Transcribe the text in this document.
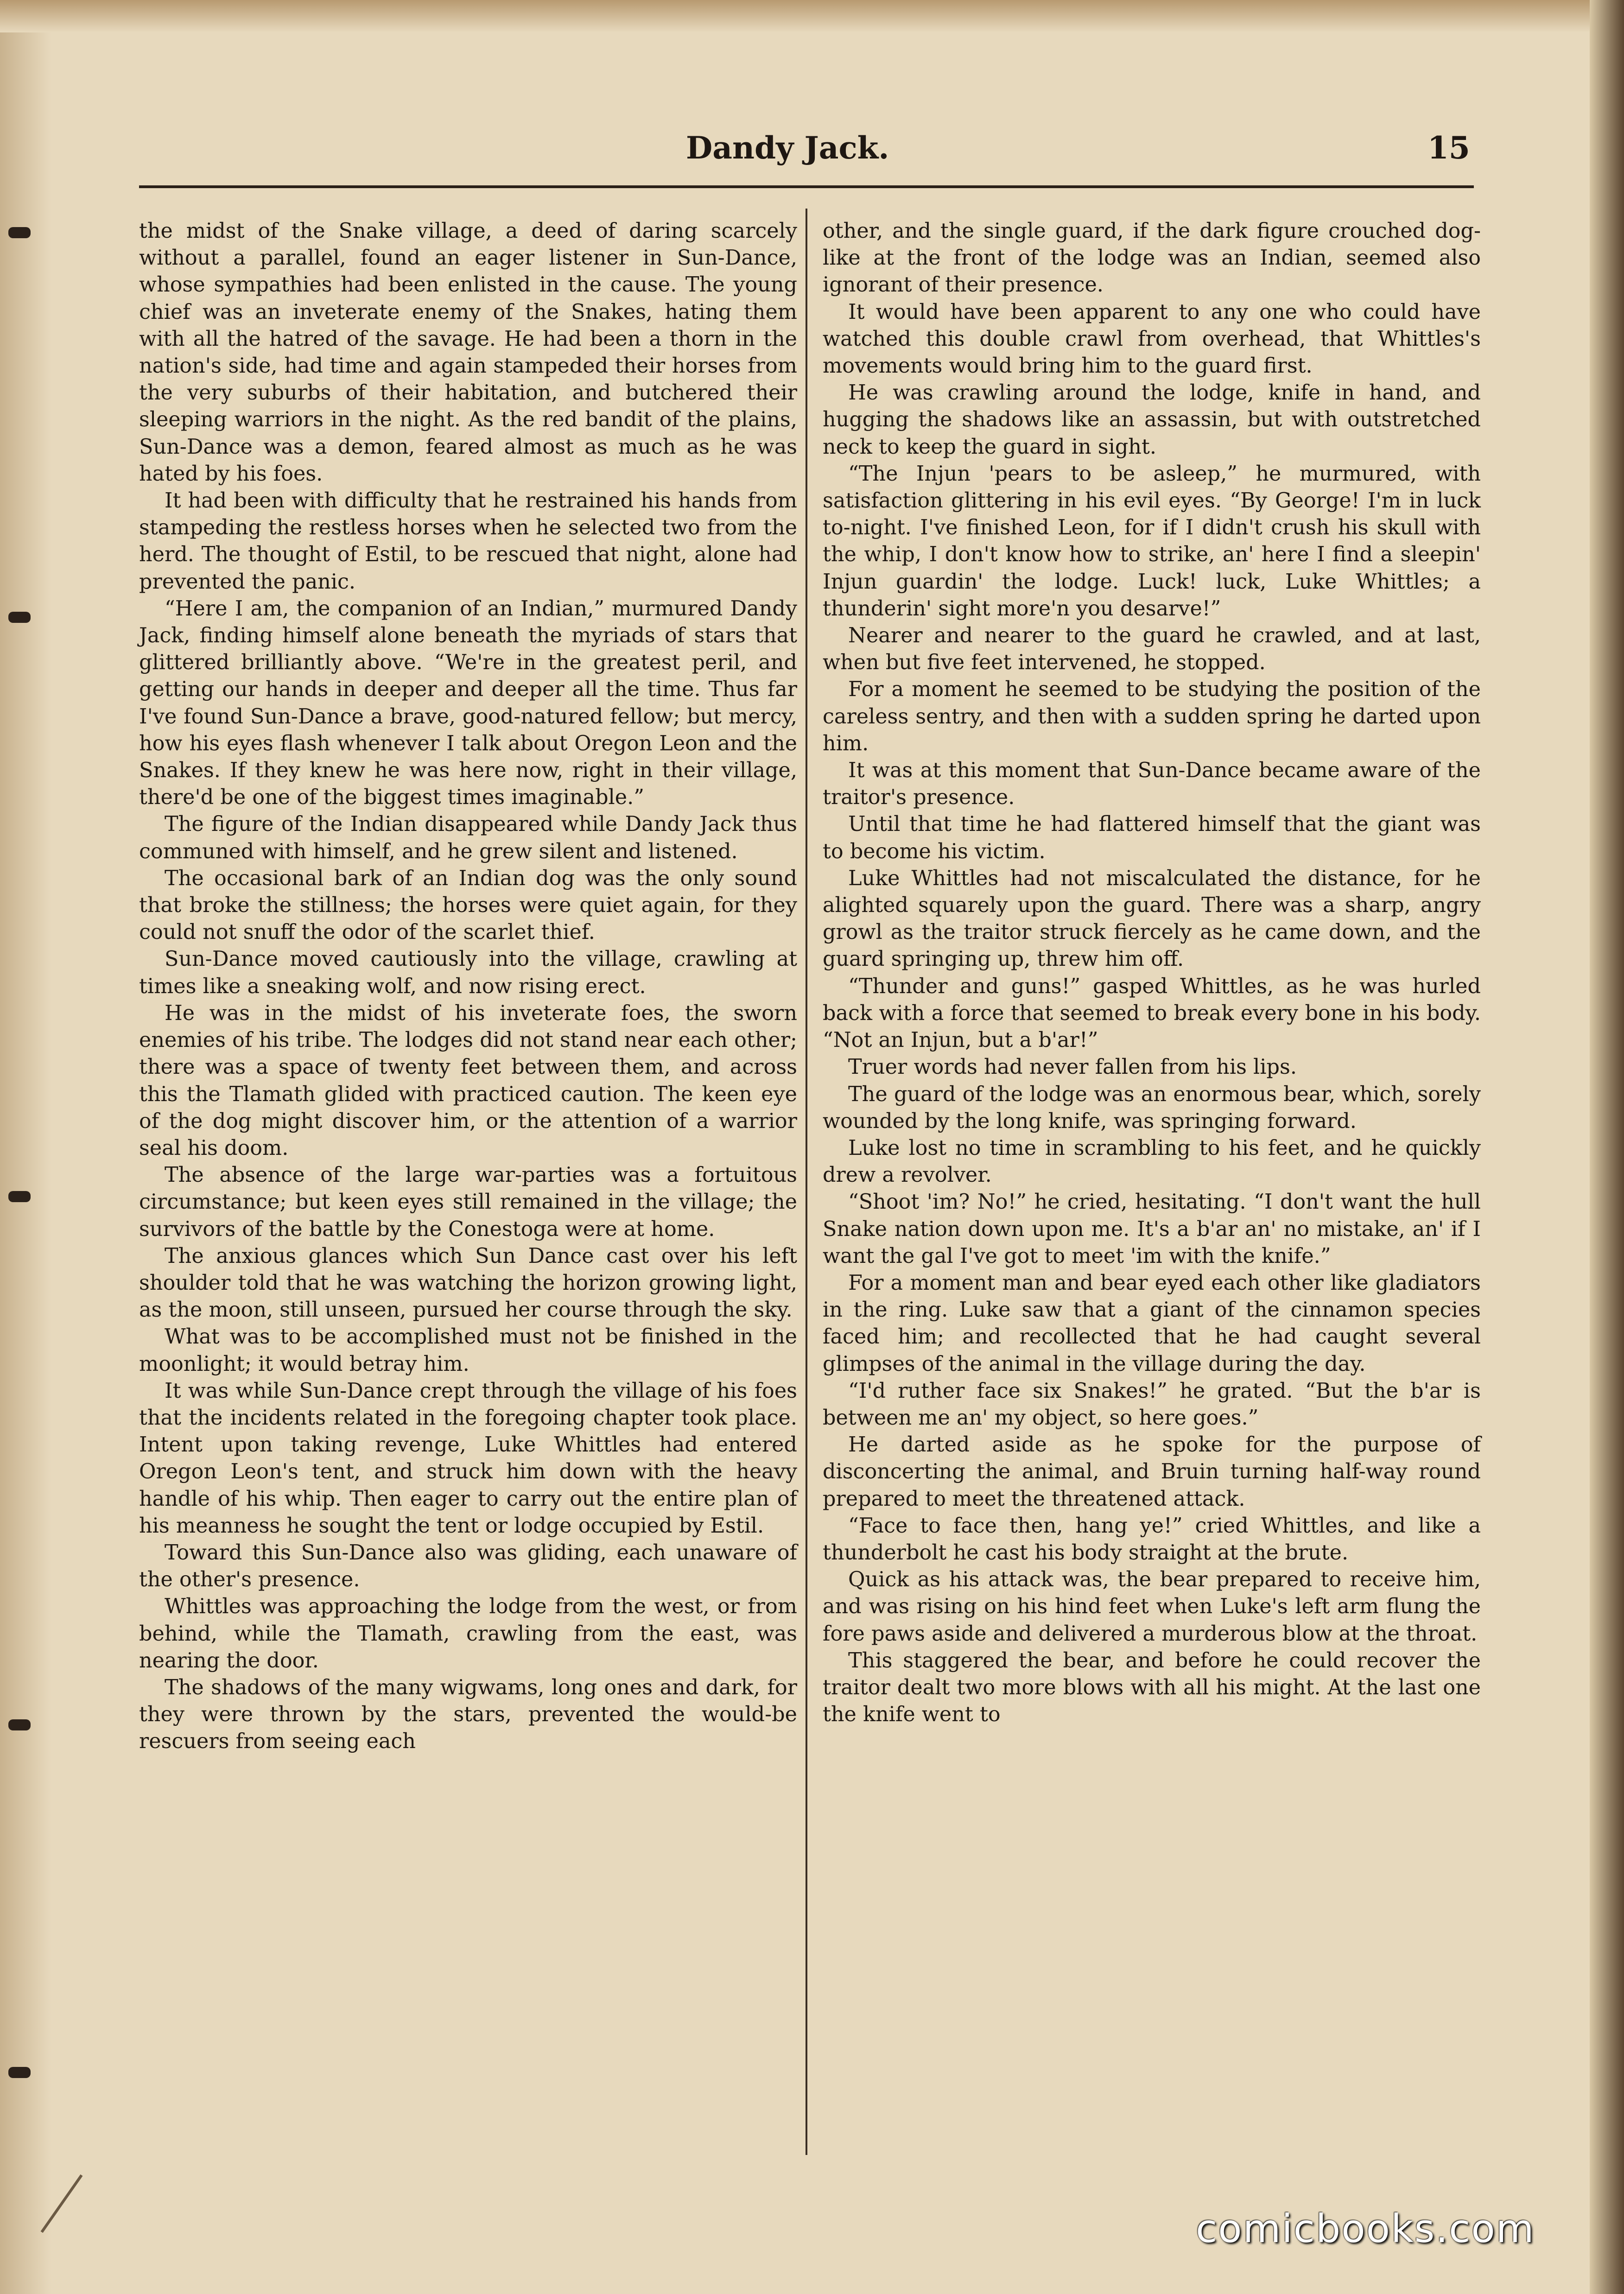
Dandy Jack.	15

the midst of the Snake village, a deed of daring scarcely without a parallel, found an eager listener in Sun-Dance, whose sympathies had been enlisted in the cause. The young chief was an inveterate enemy of the Snakes, hating them with all the hatred of the savage. He had been a thorn in the nation's side, had time and again stampeded their horses from the very suburbs of their habitation, and butchered their sleeping warriors in the night. As the red bandit of the plains, Sun-Dance was a demon, feared almost as much as he was hated by his foes.

It had been with difficulty that he restrained his hands from stampeding the restless horses when he selected two from the herd. The thought of Estil, to be rescued that night, alone had prevented the panic.

“Here I am, the companion of an Indian,” murmured Dandy Jack, finding himself alone beneath the myriads of stars that glittered brilliantly above. “We're in the greatest peril, and getting our hands in deeper and deeper all the time. Thus far I've found Sun-Dance a brave, good-natured fellow; but mercy, how his eyes flash whenever I talk about Oregon Leon and the Snakes. If they knew he was here now, right in their village, there'd be one of the biggest times imaginable.”

The figure of the Indian disappeared while Dandy Jack thus communed with himself, and he grew silent and listened.

The occasional bark of an Indian dog was the only sound that broke the stillness; the horses were quiet again, for they could not snuff the odor of the scarlet thief.

Sun-Dance moved cautiously into the village, crawling at times like a sneaking wolf, and now rising erect.

He was in the midst of his inveterate foes, the sworn enemies of his tribe. The lodges did not stand near each other; there was a space of twenty feet between them, and across this the Tlamath glided with practiced caution. The keen eye of the dog might discover him, or the attention of a warrior seal his doom.

The absence of the large war-parties was a fortuitous circumstance; but keen eyes still remained in the village; the survivors of the battle by the Conestoga were at home.

The anxious glances which Sun Dance cast over his left shoulder told that he was watching the horizon growing light, as the moon, still unseen, pursued her course through the sky.

What was to be accomplished must not be finished in the moonlight; it would betray him.

It was while Sun-Dance crept through the village of his foes that the incidents related in the foregoing chapter took place. Intent upon taking revenge, Luke Whittles had entered Oregon Leon's tent, and struck him down with the heavy handle of his whip. Then eager to carry out the entire plan of his meanness he sought the tent or lodge occupied by Estil.

Toward this Sun-Dance also was gliding, each unaware of the other's presence.

Whittles was approaching the lodge from the west, or from behind, while the Tlamath, crawling from the east, was nearing the door.

The shadows of the many wigwams, long ones and dark, for they were thrown by the stars, prevented the would-be rescuers from seeing each

other, and the single guard, if the dark figure crouched dog-like at the front of the lodge was an Indian, seemed also ignorant of their presence.

It would have been apparent to any one who could have watched this double crawl from overhead, that Whittles's movements would bring him to the guard first.

He was crawling around the lodge, knife in hand, and hugging the shadows like an assassin, but with outstretched neck to keep the guard in sight.

“The Injun 'pears to be asleep,” he murmured, with satisfaction glittering in his evil eyes. “By George! I'm in luck to-night. I've finished Leon, for if I didn't crush his skull with the whip, I don't know how to strike, an' here I find a sleepin' Injun guardin' the lodge. Luck! luck, Luke Whittles; a thunderin' sight more'n you desarve!”

Nearer and nearer to the guard he crawled, and at last, when but five feet intervened, he stopped.

For a moment he seemed to be studying the position of the careless sentry, and then with a sudden spring he darted upon him.

It was at this moment that Sun-Dance became aware of the traitor's presence.

Until that time he had flattered himself that the giant was to become his victim.

Luke Whittles had not miscalculated the distance, for he alighted squarely upon the guard. There was a sharp, angry growl as the traitor struck fiercely as he came down, and the guard springing up, threw him off.

“Thunder and guns!” gasped Whittles, as he was hurled back with a force that seemed to break every bone in his body. “Not an Injun, but a b'ar!”

Truer words had never fallen from his lips.

The guard of the lodge was an enormous bear, which, sorely wounded by the long knife, was springing forward.

Luke lost no time in scrambling to his feet, and he quickly drew a revolver.

“Shoot 'im? No!” he cried, hesitating. “I don't want the hull Snake nation down upon me. It's a b'ar an' no mistake, an' if I want the gal I've got to meet 'im with the knife.”

For a moment man and bear eyed each other like gladiators in the ring. Luke saw that a giant of the cinnamon species faced him; and recollected that he had caught several glimpses of the animal in the village during the day.

“I'd ruther face six Snakes!” he grated. “But the b'ar is between me an' my object, so here goes.”

He darted aside as he spoke for the purpose of disconcerting the animal, and Bruin turning half-way round prepared to meet the threatened attack.

“Face to face then, hang ye!” cried Whittles, and like a thunderbolt he cast his body straight at the brute.

Quick as his attack was, the bear prepared to receive him, and was rising on his hind feet when Luke's left arm flung the fore paws aside and delivered a murderous blow at the throat.

This staggered the bear, and before he could recover the traitor dealt two more blows with all his might. At the last one the knife went to

comicbooks.com
